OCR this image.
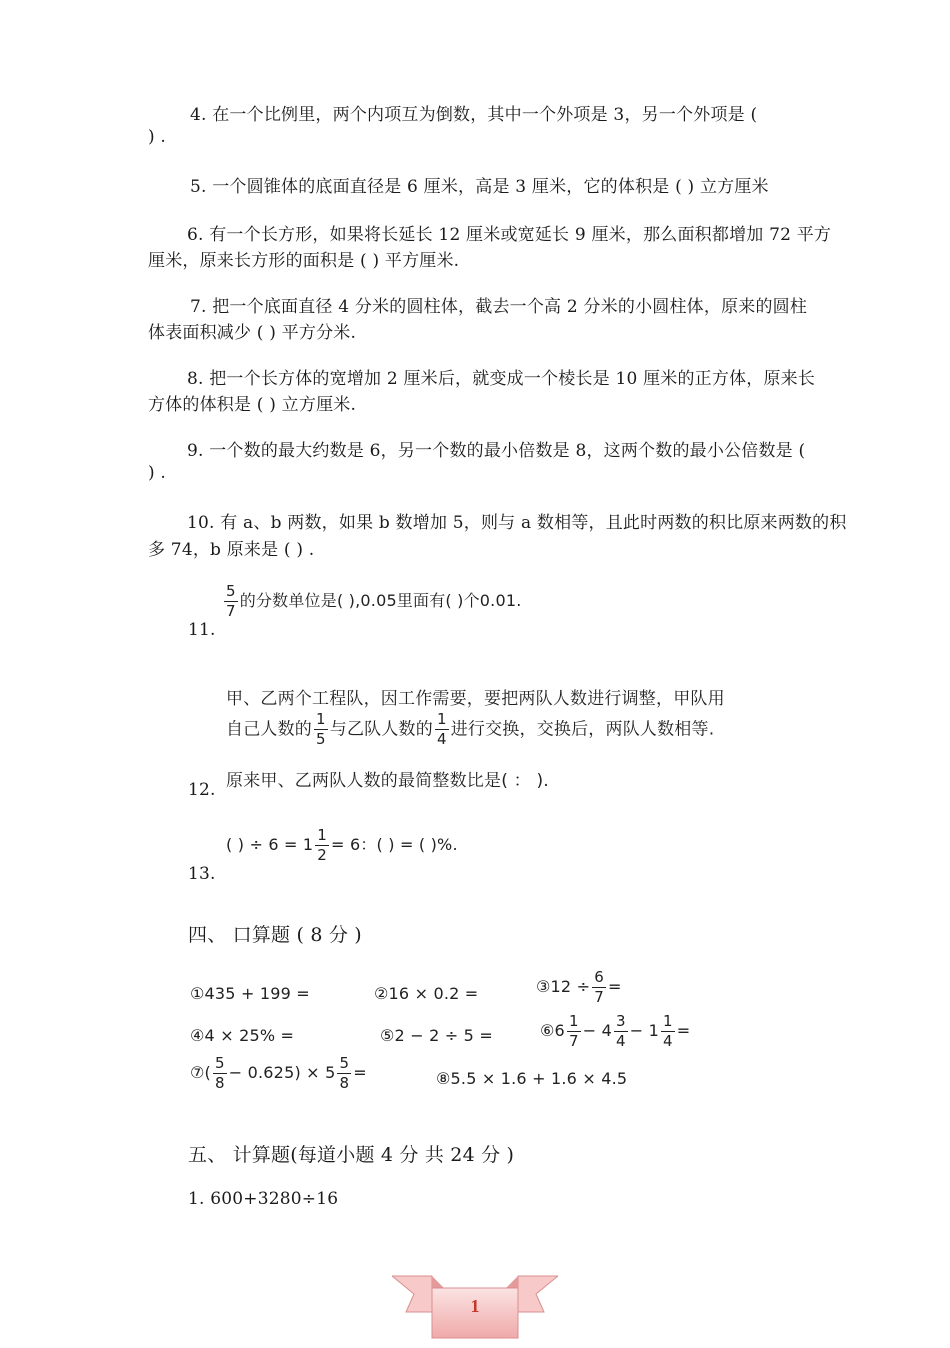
4. 在一个比例里，两个内项互为倒数，其中一个外项是 3，另一个外项是 (
) .
5. 一个圆锥体的底面直径是 6 厘米，高是 3 厘米，它的体积是 ( ) 立方厘米
6. 有一个长方形，如果将长延长 12 厘米或宽延长 9 厘米，那么面积都增加 72 平方
厘米，原来长方形的面积是 ( ) 平方厘米.
7. 把一个底面直径 4 分米的圆柱体，截去一个高 2 分米的小圆柱体，原来的圆柱
体表面积减少 ( ) 平方分米.
8. 把一个长方体的宽增加 2 厘米后，就变成一个棱长是 10 厘米的正方体，原来长
方体的体积是 ( ) 立方厘米.
9. 一个数的最大约数是 6，另一个数的最小倍数是 8，这两个数的最小公倍数是 (
) .
10. 有 a、b 两数，如果 b 数增加 5，则与 a 数相等，且此时两数的积比原来两数的积
多 74，b 原来是 ( ) .
11.
$\frac{5}{7}$ 的分数单位是( ),0.05里面有( )个0.01.
甲、乙两个工程队，因工作需要，要把两队人数进行调整，甲队用
自己人数的 $\frac{1}{5}$ 与乙队人数的 $\frac{1}{4}$ 进行交换，交换后，两队人数相等.
原来甲、乙两队人数的最简整数比是( ： ).
12.
( ) ÷ $6 = 1 \frac{1}{2} = 6$：( ) = ( )%.
13.
四、 口算题 ( 8 分 )
①435 + 199 =	②16 × 0.2 =	③12 ÷ $\frac{6}{7}$ =
④4 × 25% =	⑤2 − 2 ÷ 5 =	⑥6 $\frac{1}{7} - 4 \frac{3}{4} - 1 \frac{1}{4}$ =
⑦( $\frac{5}{8} - 0.625) \times 5 \frac{5}{8}$ =	⑧5.5 × 1.6 + 1.6 × 4.5
五、 计算题(每道小题 4 分 共 24 分 )
1. 600+3280÷16
1
